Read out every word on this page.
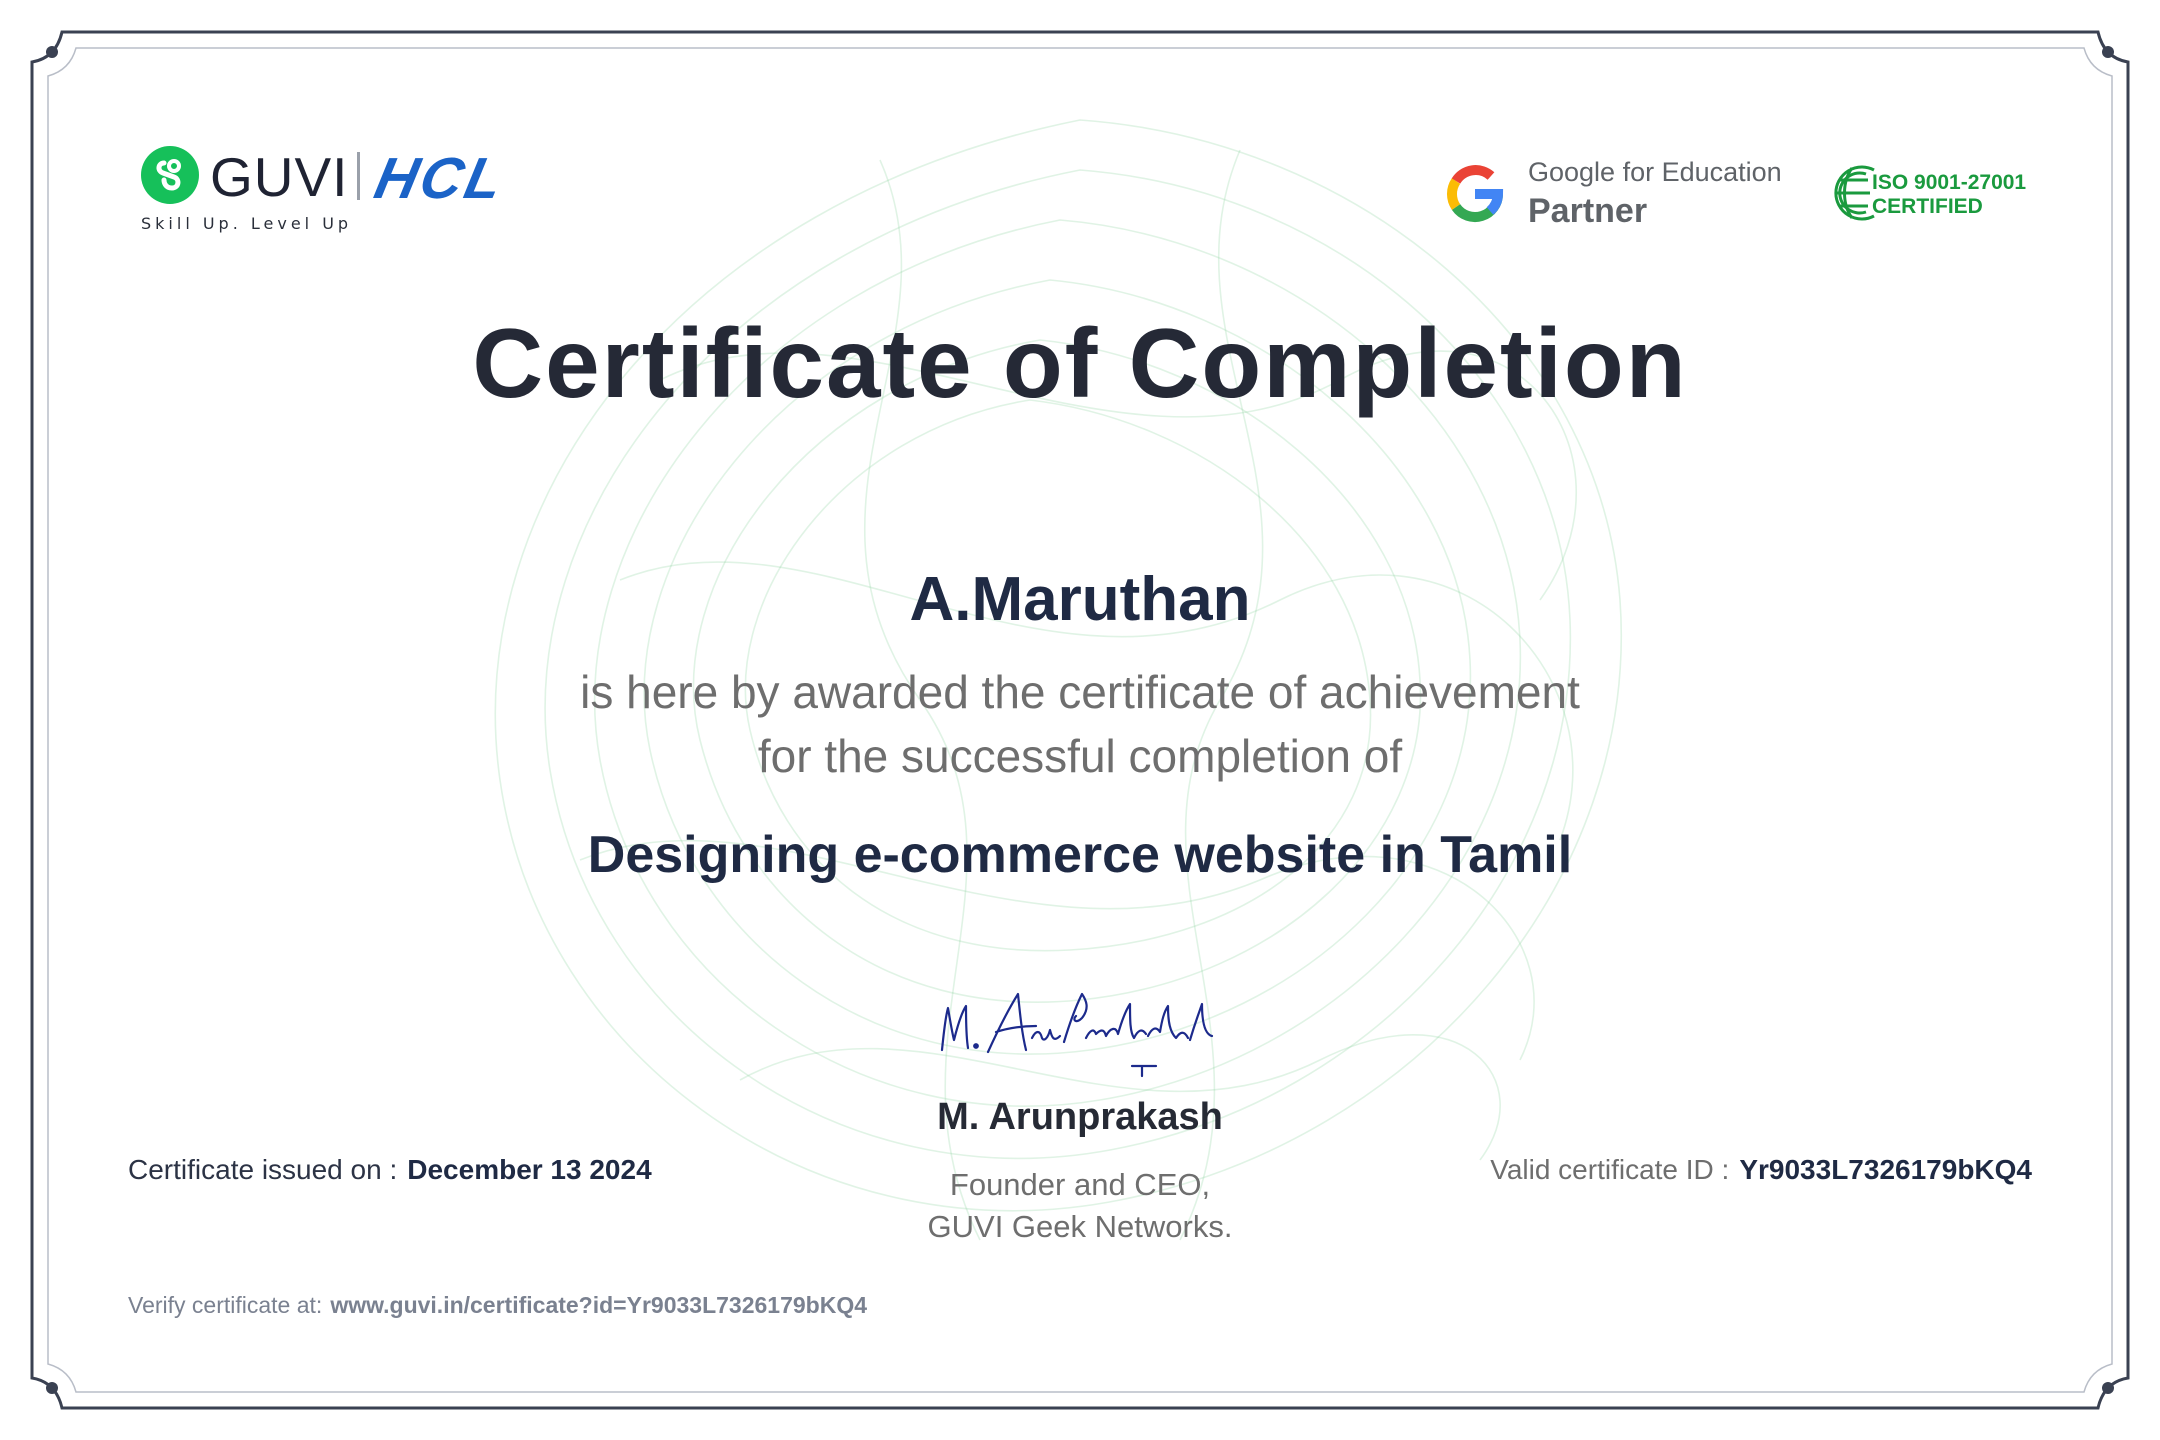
GUVI HCL
Skill Up. Level Up
Google for Education
Partner
ISO 9001-27001
CERTIFIED
Certificate of Completion
A.Maruthan
is here by awarded the certificate of achievement
for the successful completion of
Designing e-commerce website in Tamil
M. Arunprakash
Founder and CEO,
GUVI Geek Networks.
Certificate issued on : December 13 2024	Valid certificate ID : Yr9033L7326179bKQ4
Verify certificate at: www.guvi.in/certificate?id=Yr9033L7326179bKQ4
